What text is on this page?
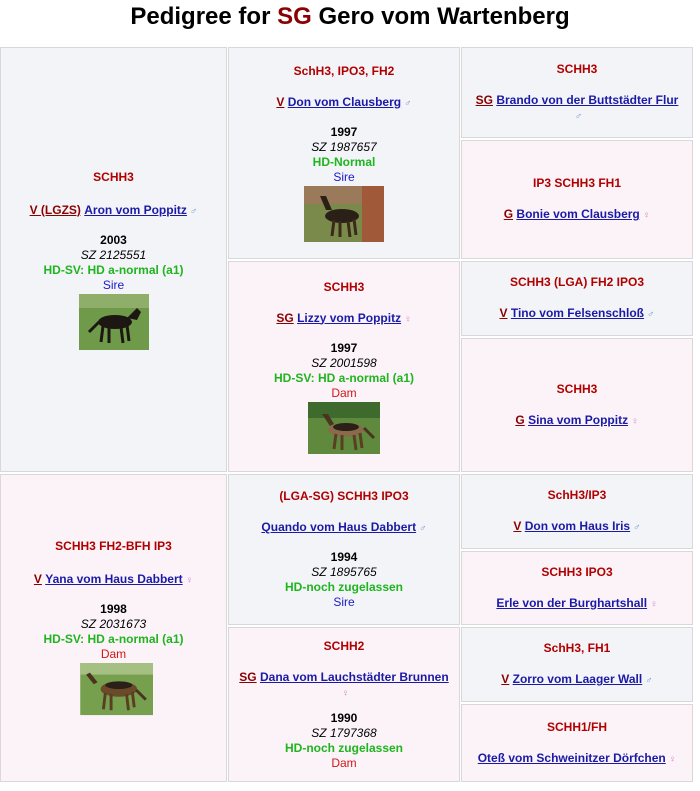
Pedigree for SG Gero vom Wartenberg
SCHH3
V (LGZS) Aron vom Poppitz ♂
2003
SZ 2125551
HD-SV: HD a-normal (a1)
Sire
SCHH3 FH2-BFH IP3
V Yana vom Haus Dabbert ♀
1998
SZ 2031673
HD-SV: HD a-normal (a1)
Dam
SchH3, IPO3, FH2
V Don vom Clausberg ♂
1997
SZ 1987657
HD-Normal
Sire
SCHH3
SG Lizzy vom Poppitz ♀
1997
SZ 2001598
HD-SV: HD a-normal (a1)
Dam
(LGA-SG) SCHH3 IPO3
Quando vom Haus Dabbert ♂
1994
SZ 1895765
HD-noch zugelassen
Sire
SCHH2
SG Dana vom Lauchstädter Brunnen
♀
1990
SZ 1797368
HD-noch zugelassen
Dam
SCHH3
SG Brando von der Buttstädter Flur
♂
IP3 SCHH3 FH1
G Bonie vom Clausberg ♀
SCHH3 (LGA) FH2 IPO3
V Tino vom Felsenschloß ♂
SCHH3
G Sina vom Poppitz ♀
SchH3/IP3
V Don vom Haus Iris ♂
SCHH3 IPO3
Erle von der Burghartshall ♀
SchH3, FH1
V Zorro vom Laager Wall ♂
SCHH1/FH
Oteß vom Schweinitzer Dörfchen ♀
